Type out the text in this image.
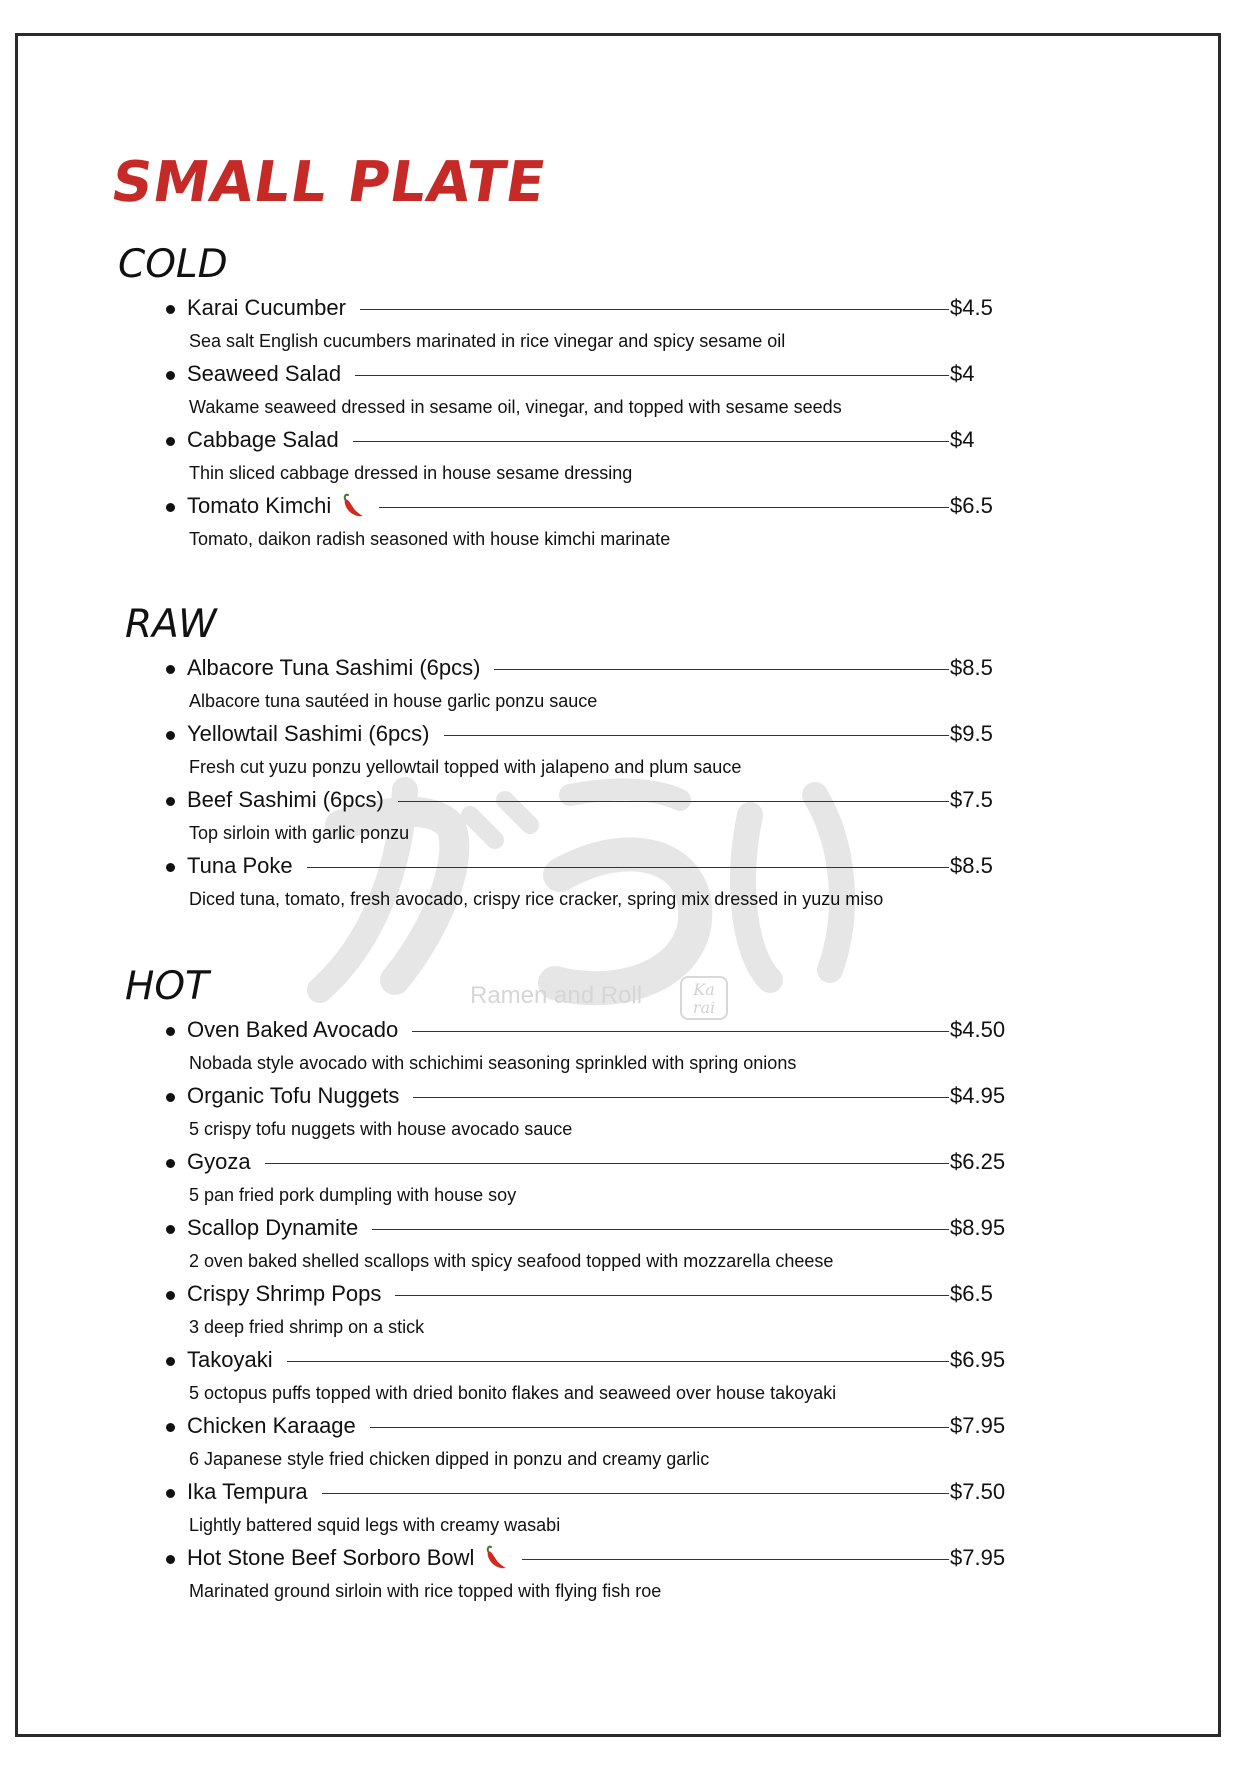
Ramen and Roll	Ka
rai
SMALL PLATE
COLD
Karai Cucumber	$4.5
Sea salt English cucumbers marinated in rice vinegar and spicy sesame oil
Seaweed Salad	$4
Wakame seaweed dressed in sesame oil, vinegar, and topped with sesame seeds
Cabbage Salad	$4
Thin sliced cabbage dressed in house sesame dressing
Tomato Kimchi	$6.5
Tomato, daikon radish seasoned with house kimchi marinate
RAW
Albacore Tuna Sashimi (6pcs)	$8.5
Albacore tuna sautéed in house garlic ponzu sauce
Yellowtail Sashimi (6pcs)	$9.5
Fresh cut yuzu ponzu yellowtail topped with jalapeno and plum sauce
Beef Sashimi (6pcs)	$7.5
Top sirloin with garlic ponzu
Tuna Poke	$8.5
Diced tuna, tomato, fresh avocado, crispy rice cracker, spring mix dressed in yuzu miso
HOT
Oven Baked Avocado	$4.50
Nobada style avocado with schichimi seasoning sprinkled with spring onions
Organic Tofu Nuggets	$4.95
5 crispy tofu nuggets with house avocado sauce
Gyoza	$6.25
5 pan fried pork dumpling with house soy
Scallop Dynamite	$8.95
2 oven baked shelled scallops with spicy seafood topped with mozzarella cheese
Crispy Shrimp Pops	$6.5
3 deep fried shrimp on a stick
Takoyaki	$6.95
5 octopus puffs topped with dried bonito flakes and seaweed over house takoyaki
Chicken Karaage	$7.95
6 Japanese style fried chicken dipped in ponzu and creamy garlic
Ika Tempura	$7.50
Lightly battered squid legs with creamy wasabi
Hot Stone Beef Sorboro Bowl	$7.95
Marinated ground sirloin with rice topped with flying fish roe
